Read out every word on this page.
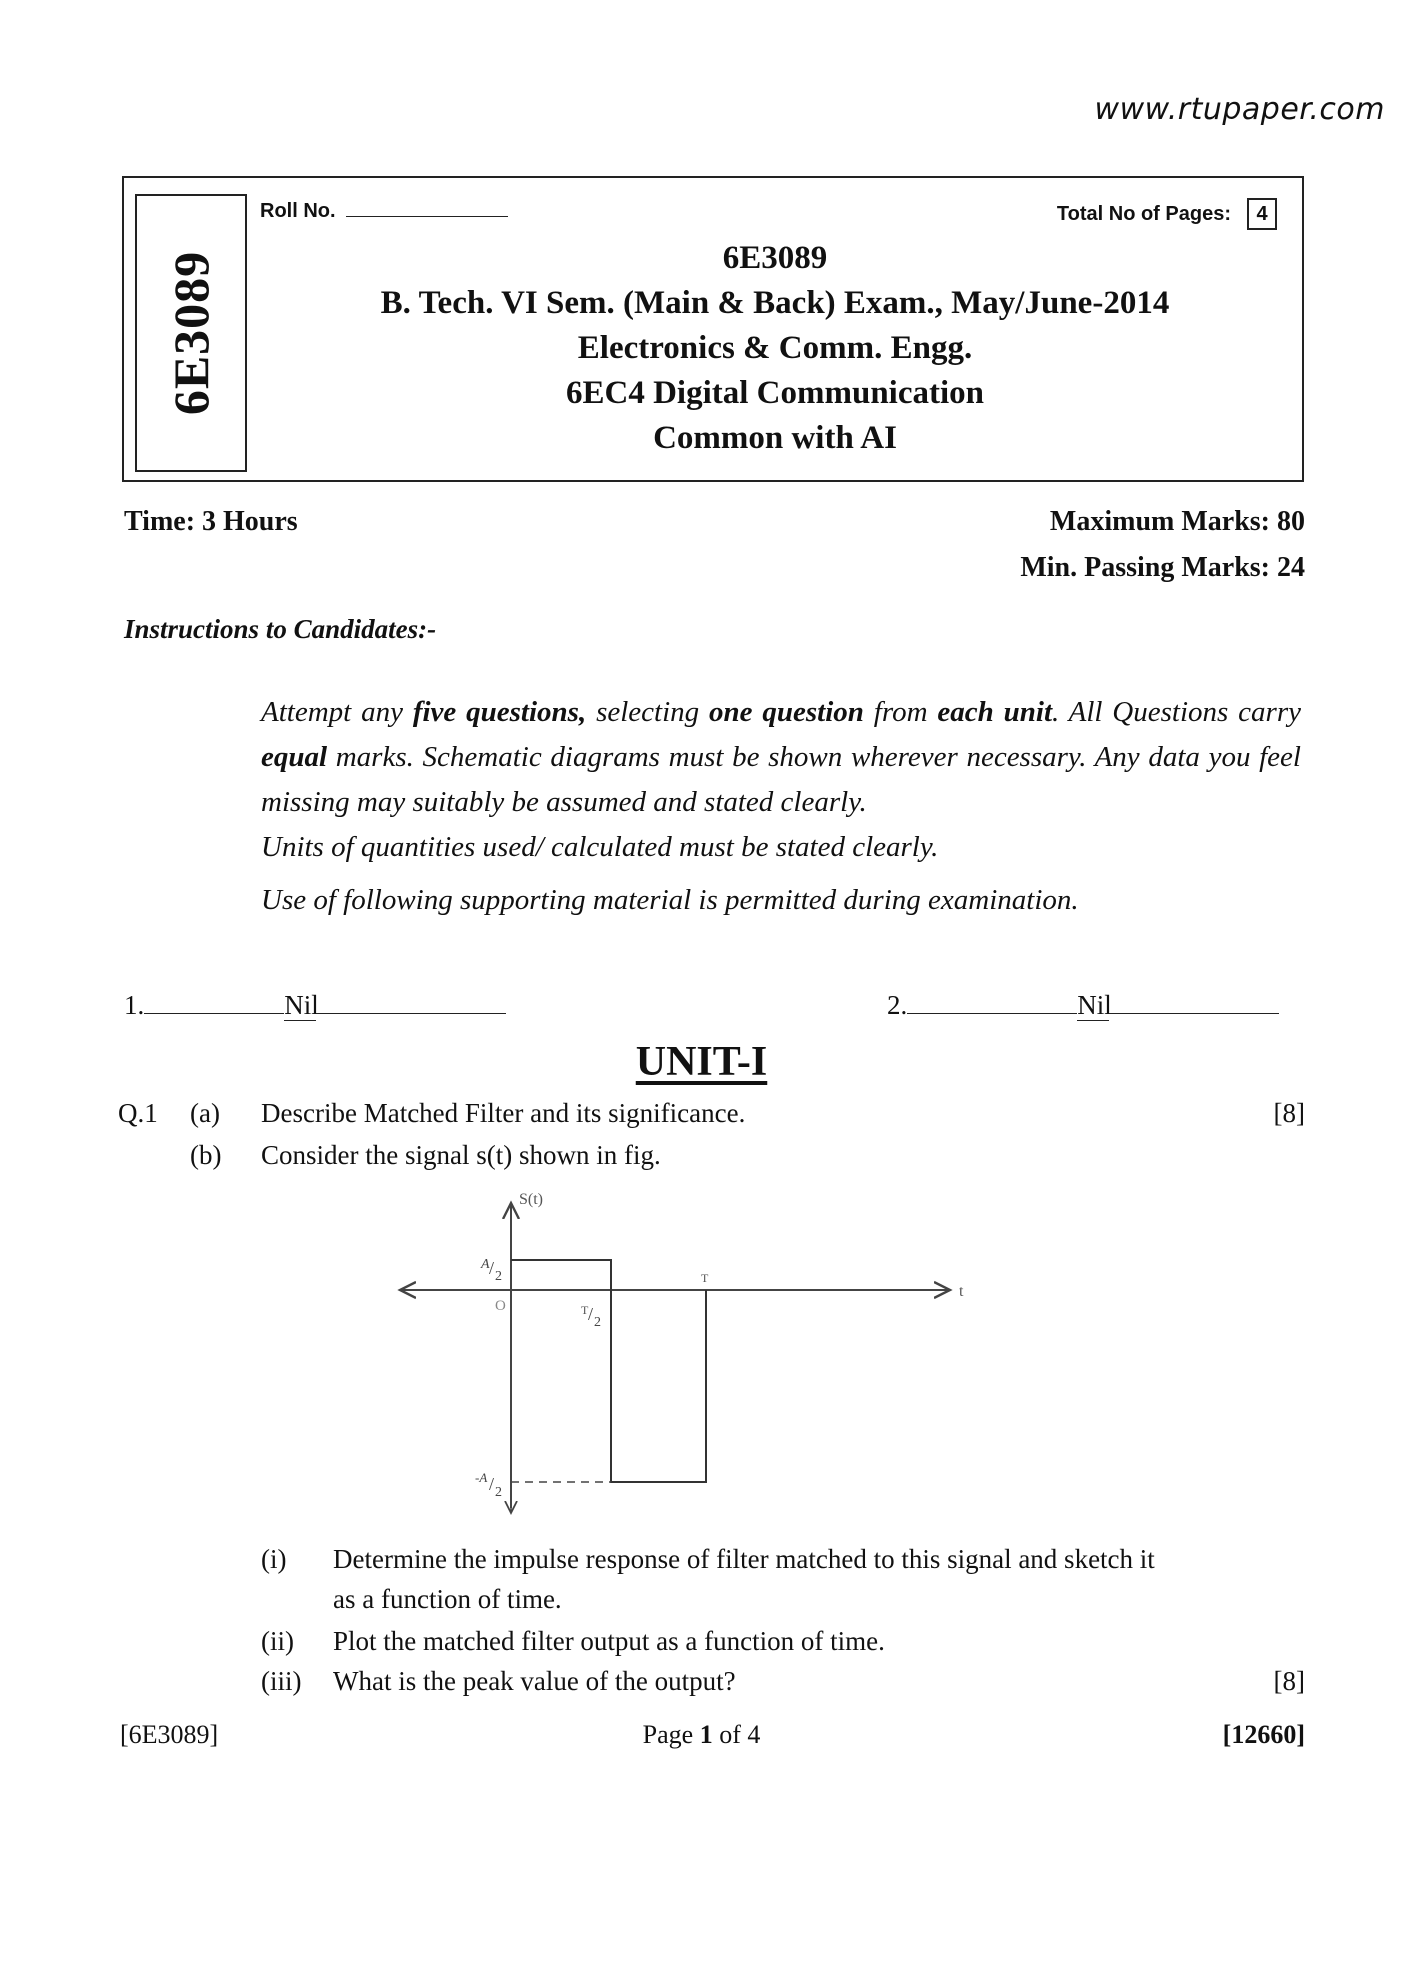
www.rtupaper.com
6E3089
Roll No.	Total No of Pages:	4
6E3089
B. Tech. VI Sem. (Main & Back) Exam., May/June-2014
Electronics & Comm. Engg.
6EC4 Digital Communication
Common with AI
Time: 3 Hours	Maximum Marks: 80
Min. Passing Marks: 24
Instructions to Candidates:-

Attempt any five questions, selecting one question from each unit. All Questions carry equal marks. Schematic diagrams must be shown wherever necessary. Any data you feel missing may suitably be assumed and stated clearly.

Units of quantities used/ calculated must be stated clearly.

Use of following supporting material is permitted during examination.

1.	Nil	2.	Nil
UNIT-I
Q.1 (a) Describe Matched Filter and its significance.	[8]
(b) Consider the signal s(t) shown in fig.
S(t)
t
O
A / 2
-A / 2
T / 2
T
(i) Determine the impulse response of filter matched to this signal and sketch it
as a function of time.
(ii) Plot the matched filter output as a function of time.
(iii) What is the peak value of the output?	[8]
[6E3089]	Page 1 of 4	[12660]
